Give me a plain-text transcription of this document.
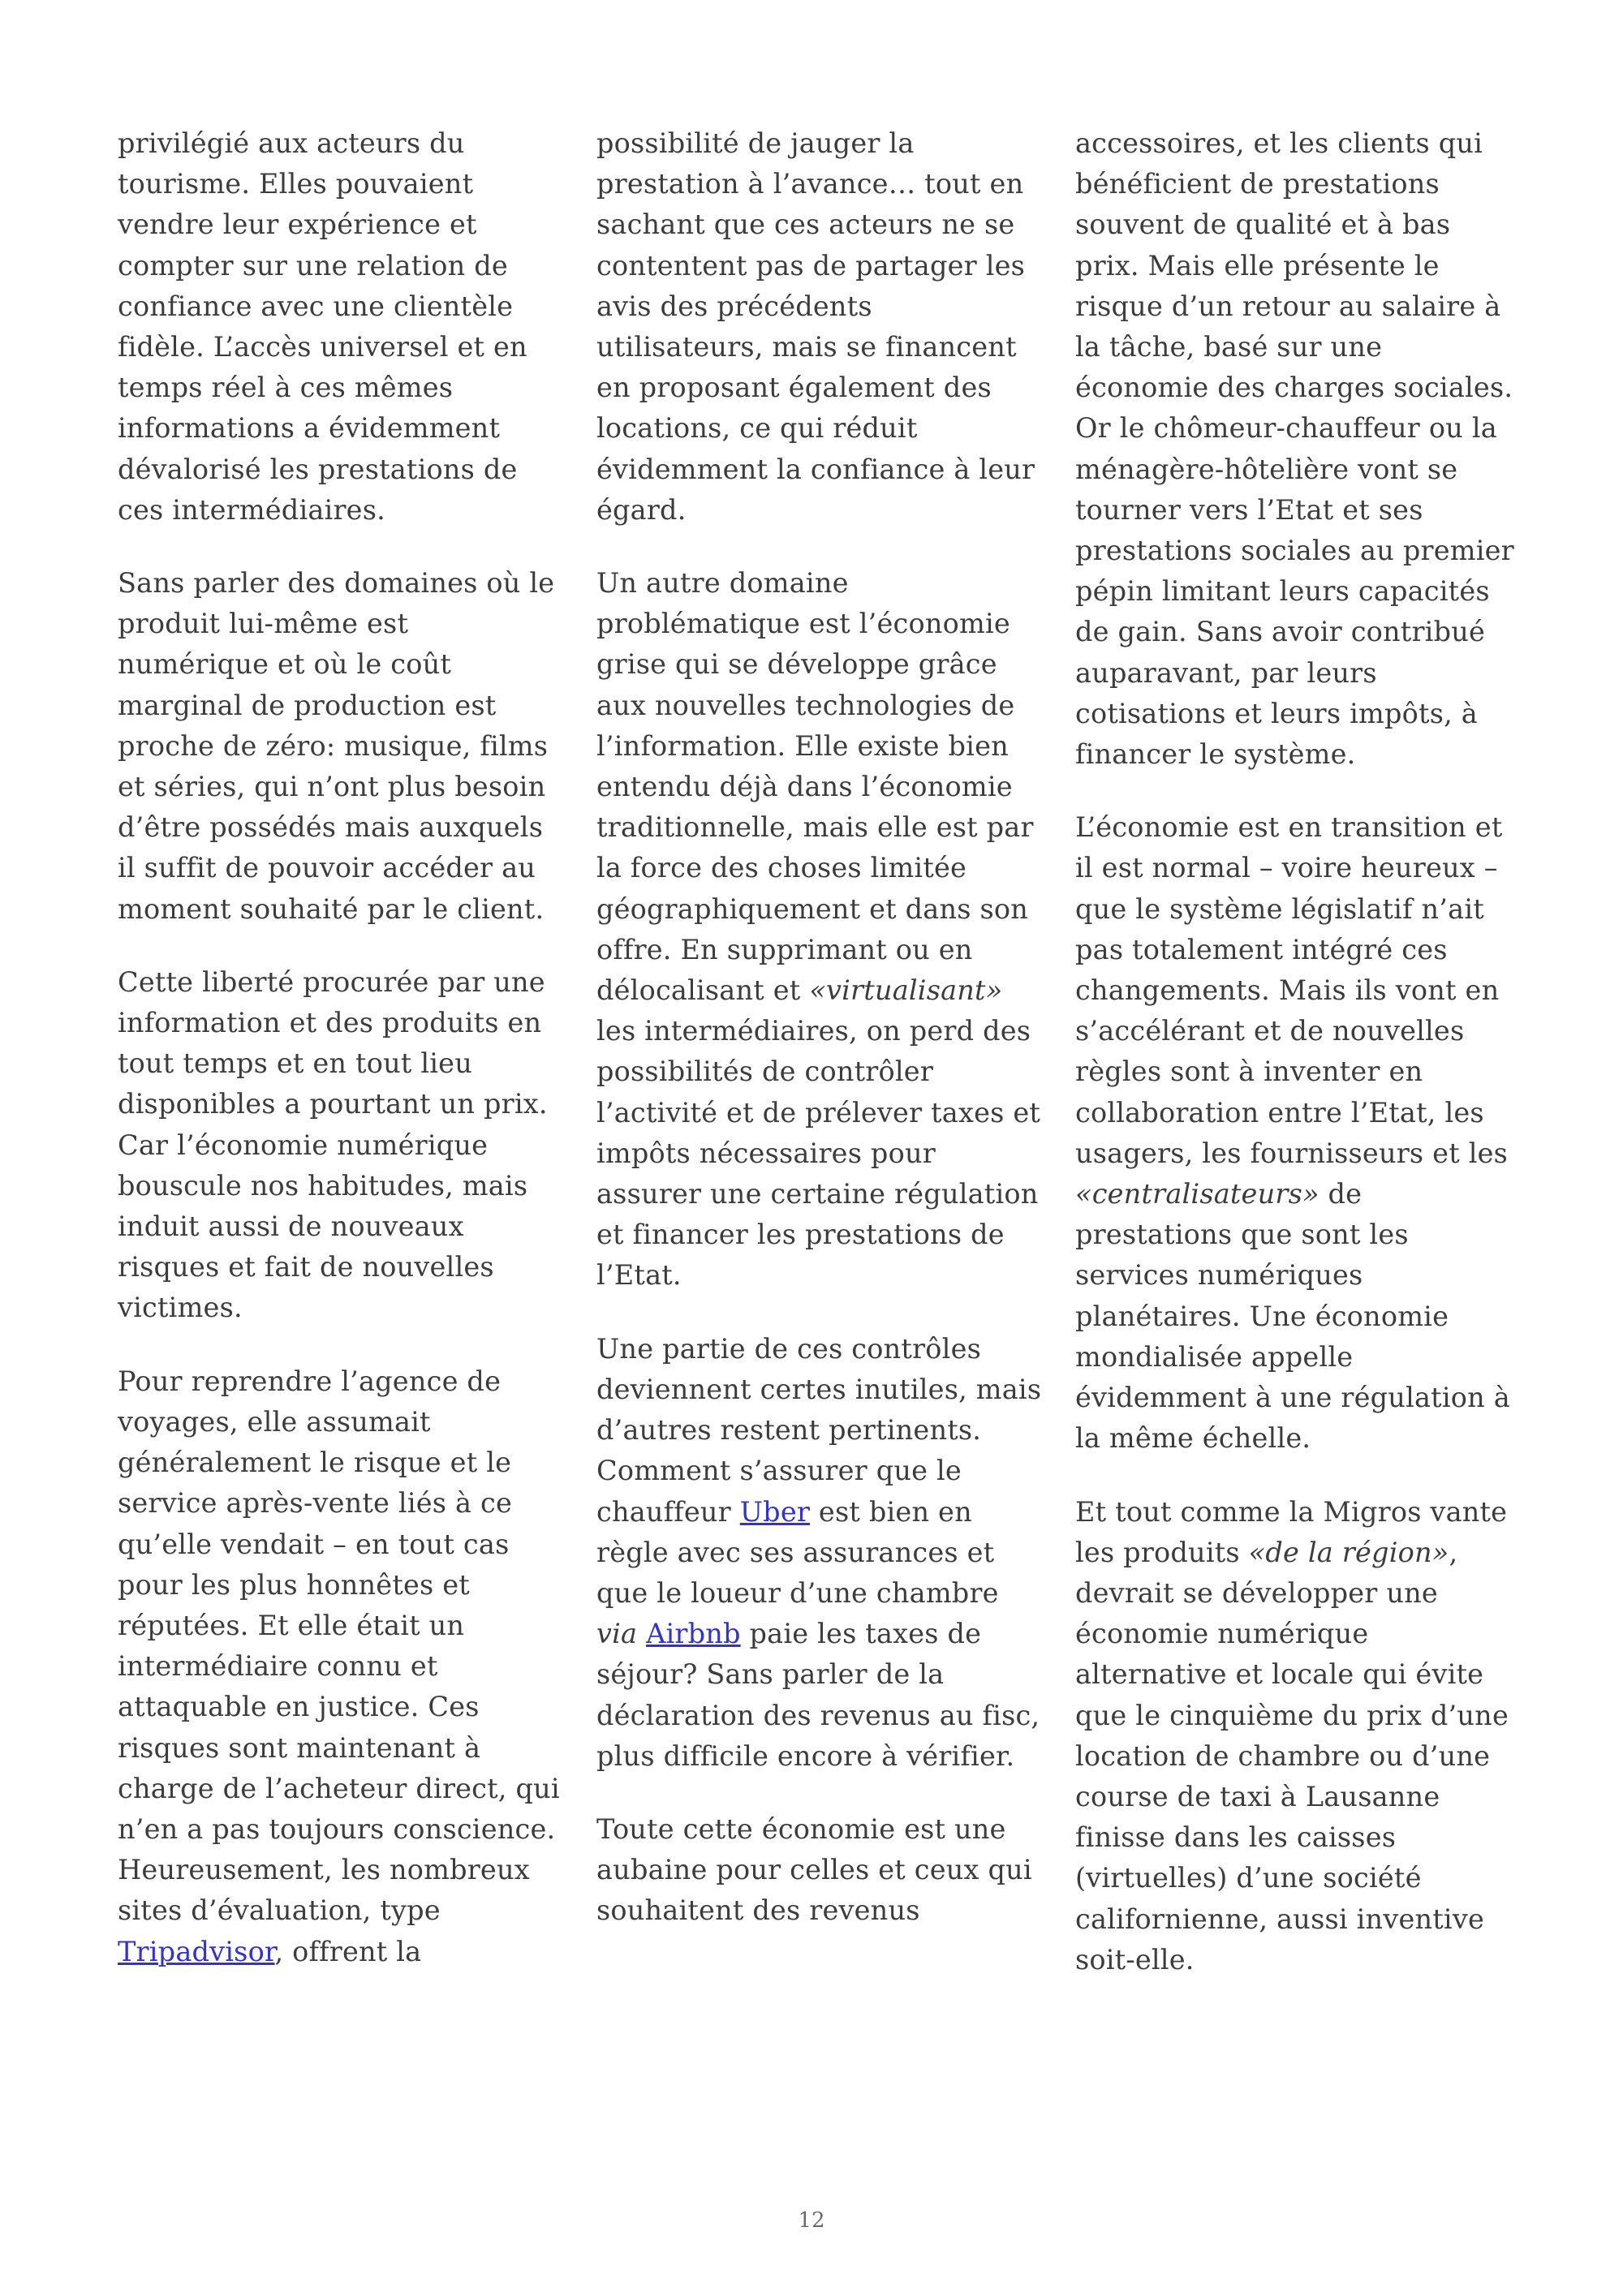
privilégié aux acteurs du
tourisme. Elles pouvaient
vendre leur expérience et
compter sur une relation de
confiance avec une clientèle
fidèle. L’accès universel et en
temps réel à ces mêmes
informations a évidemment
dévalorisé les prestations de
ces intermédiaires.

Sans parler des domaines où le
produit lui-même est
numérique et où le coût
marginal de production est
proche de zéro: musique, films
et séries, qui n’ont plus besoin
d’être possédés mais auxquels
il suffit de pouvoir accéder au
moment souhaité par le client.

Cette liberté procurée par une
information et des produits en
tout temps et en tout lieu
disponibles a pourtant un prix.
Car l’économie numérique
bouscule nos habitudes, mais
induit aussi de nouveaux
risques et fait de nouvelles
victimes.

Pour reprendre l’agence de
voyages, elle assumait
généralement le risque et le
service après-vente liés à ce
qu’elle vendait – en tout cas
pour les plus honnêtes et
réputées. Et elle était un
intermédiaire connu et
attaquable en justice. Ces
risques sont maintenant à
charge de l’acheteur direct, qui
n’en a pas toujours conscience.
Heureusement, les nombreux
sites d’évaluation, type
Tripadvisor, offrent la

possibilité de jauger la
prestation à l’avance… tout en
sachant que ces acteurs ne se
contentent pas de partager les
avis des précédents
utilisateurs, mais se financent
en proposant également des
locations, ce qui réduit
évidemment la confiance à leur
égard.

Un autre domaine
problématique est l’économie
grise qui se développe grâce
aux nouvelles technologies de
l’information. Elle existe bien
entendu déjà dans l’économie
traditionnelle, mais elle est par
la force des choses limitée
géographiquement et dans son
offre. En supprimant ou en
délocalisant et «virtualisant»
les intermédiaires, on perd des
possibilités de contrôler
l’activité et de prélever taxes et
impôts nécessaires pour
assurer une certaine régulation
et financer les prestations de
l’Etat.

Une partie de ces contrôles
deviennent certes inutiles, mais
d’autres restent pertinents.
Comment s’assurer que le
chauffeur Uber est bien en
règle avec ses assurances et
que le loueur d’une chambre
via Airbnb paie les taxes de
séjour? Sans parler de la
déclaration des revenus au fisc,
plus difficile encore à vérifier.

Toute cette économie est une
aubaine pour celles et ceux qui
souhaitent des revenus

accessoires, et les clients qui
bénéficient de prestations
souvent de qualité et à bas
prix. Mais elle présente le
risque d’un retour au salaire à
la tâche, basé sur une
économie des charges sociales.
Or le chômeur-chauffeur ou la
ménagère-hôtelière vont se
tourner vers l’Etat et ses
prestations sociales au premier
pépin limitant leurs capacités
de gain. Sans avoir contribué
auparavant, par leurs
cotisations et leurs impôts, à
financer le système.

L’économie est en transition et
il est normal – voire heureux –
que le système législatif n’ait
pas totalement intégré ces
changements. Mais ils vont en
s’accélérant et de nouvelles
règles sont à inventer en
collaboration entre l’Etat, les
usagers, les fournisseurs et les
«centralisateurs» de
prestations que sont les
services numériques
planétaires. Une économie
mondialisée appelle
évidemment à une régulation à
la même échelle.

Et tout comme la Migros vante
les produits «de la région»,
devrait se développer une
économie numérique
alternative et locale qui évite
que le cinquième du prix d’une
location de chambre ou d’une
course de taxi à Lausanne
finisse dans les caisses
(virtuelles) d’une société
californienne, aussi inventive
soit-elle.

12
